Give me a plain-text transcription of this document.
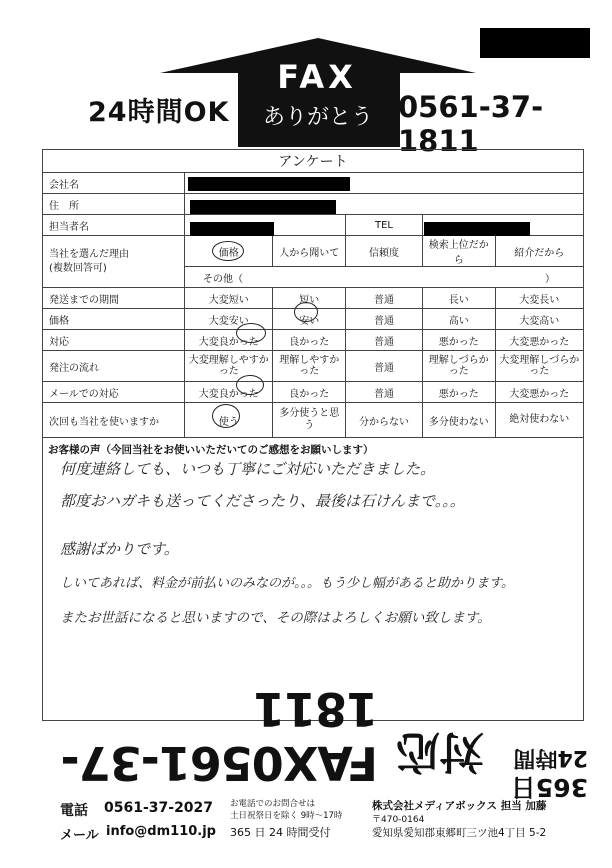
24時間OK
FAX
ありがとう 0561-37-1811
アンケート					
会社名					
住　所					
担当者名			TEL		
当社を選んだ理由
(複数回答可)	価格	人から聞いて	信頼度	検索上位だから	紹介だから
	その他（ ）				

発送までの期間	大変短い	短い	普通	長い	大変長い
価格	大変安い	安い	普通	高い	大変高い
対応	大変良かった	良かった	普通	悪かった	大変悪かった
発注の流れ	大変理解しやすかった	理解しやすかった	普通	理解しづらかった	大変理解しづらかった
メールでの対応	大変良かった	良かった	普通	悪かった	大変悪かった
次回も当社を使いますか	使う	多分使うと思う	分からない	多分使わない	絶対使わない
お客様の声（今回当社をお使いいただいてのご感想をお願いします）
何度連絡しても、いつも丁寧にご対応いただきました。
都度おハガキも送ってくださったり、最後は石けんまで。。。
感謝ばかりです。
しいてあれば、料金が前払いのみなのが。。。もう少し幅があると助かります。
またお世話になると思いますので、その際はよろしくお願い致します。
365日
24時間
対応
FAX0561-37-1811
電話 0561-37-2027 お電話でのお問合せは
土日祝祭日を除く 9時～17時
メール info@dm110.jp 365 日 24 時間受付
株式会社メディアボックス 担当 加藤
〒470-0164
愛知県愛知郡東郷町三ツ池4丁目 5-2
